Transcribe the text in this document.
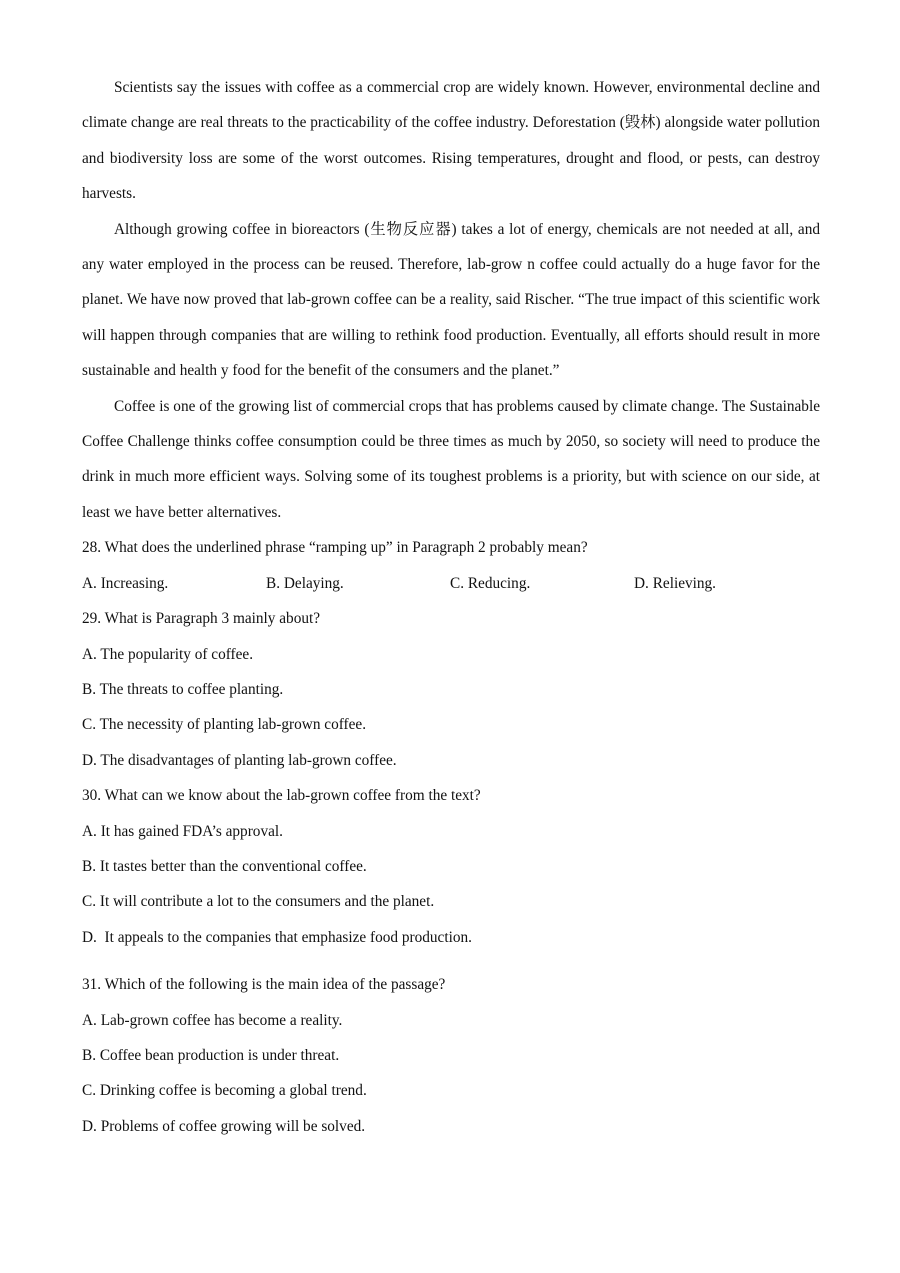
Scientists say the issues with coffee as a commercial crop are widely known. However, environmental decline and climate change are real threats to the practicability of the coffee industry. Deforestation (毁林) alongside water pollution and biodiversity loss are some of the worst outcomes. Rising temperatures, drought and flood, or pests, can destroy harvests.

Although growing coffee in bioreactors (生物反应器) takes a lot of energy, chemicals are not needed at all, and any water employed in the process can be reused. Therefore, lab-grow n coffee could actually do a huge favor for the planet. We have now proved that lab-grown coffee can be a reality, said Rischer. “The true impact of this scientific work will happen through companies that are willing to rethink food production. Eventually, all efforts should result in more sustainable and health y food for the benefit of the consumers and the planet.”

Coffee is one of the growing list of commercial crops that has problems caused by climate change. The Sustainable Coffee Challenge thinks coffee consumption could be three times as much by 2050, so society will need to produce the drink in much more efficient ways. Solving some of its toughest problems is a priority, but with science on our side, at least we have better alternatives.

28. What does the underlined phrase “ramping up” in Paragraph 2 probably mean?

A. Increasing.	B. Delaying.	C. Reducing.	D. Relieving.

29. What is Paragraph 3 mainly about?

A. The popularity of coffee.

B. The threats to coffee planting.

C. The necessity of planting lab-grown coffee.

D. The disadvantages of planting lab-grown coffee.

30. What can we know about the lab-grown coffee from the text?

A. It has gained FDA’s approval.

B. It tastes better than the conventional coffee.

C. It will contribute a lot to the consumers and the planet.

D.  It appeals to the companies that emphasize food production.

31. Which of the following is the main idea of the passage?

A. Lab-grown coffee has become a reality.

B. Coffee bean production is under threat.

C. Drinking coffee is becoming a global trend.

D. Problems of coffee growing will be solved.
